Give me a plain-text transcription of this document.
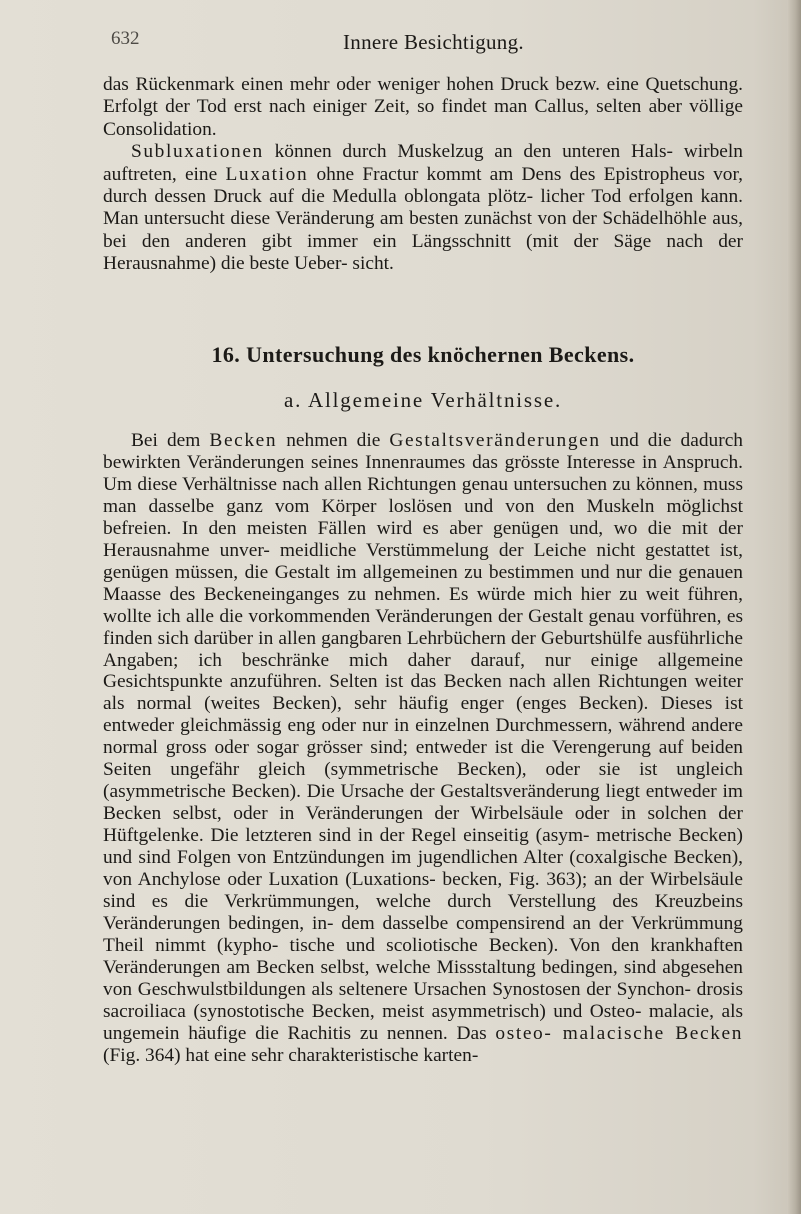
632	Innere Besichtigung.

das Rückenmark einen mehr oder weniger hohen Druck bezw. eine Quetschung. Erfolgt der Tod erst nach einiger Zeit, so findet man Callus, selten aber völlige Consolidation.

Subluxationen können durch Muskelzug an den unteren Hals- wirbeln auftreten, eine Luxation ohne Fractur kommt am Dens des Epistropheus vor, durch dessen Druck auf die Medulla oblongata plötz- licher Tod erfolgen kann. Man untersucht diese Veränderung am besten zunächst von der Schädelhöhle aus, bei den anderen gibt immer ein Längsschnitt (mit der Säge nach der Herausnahme) die beste Ueber- sicht.

16. Untersuchung des knöchernen Beckens.
a. Allgemeine Verhältnisse.

Bei dem Becken nehmen die Gestaltsveränderungen und die dadurch bewirkten Veränderungen seines Innenraumes das grösste Interesse in Anspruch. Um diese Verhältnisse nach allen Richtungen genau untersuchen zu können, muss man dasselbe ganz vom Körper loslösen und von den Muskeln möglichst befreien. In den meisten Fällen wird es aber genügen und, wo die mit der Herausnahme unver- meidliche Verstümmelung der Leiche nicht gestattet ist, genügen müssen, die Gestalt im allgemeinen zu bestimmen und nur die genauen Maasse des Beckeneinganges zu nehmen. Es würde mich hier zu weit führen, wollte ich alle die vorkommenden Veränderungen der Gestalt genau vorführen, es finden sich darüber in allen gangbaren Lehrbüchern der Geburtshülfe ausführliche Angaben; ich beschränke mich daher darauf, nur einige allgemeine Gesichtspunkte anzuführen. Selten ist das Becken nach allen Richtungen weiter als normal (weites Becken), sehr häufig enger (enges Becken). Dieses ist entweder gleichmässig eng oder nur in einzelnen Durchmessern, während andere normal gross oder sogar grösser sind; entweder ist die Verengerung auf beiden Seiten ungefähr gleich (symmetrische Becken), oder sie ist ungleich (asymmetrische Becken). Die Ursache der Gestaltsveränderung liegt entweder im Becken selbst, oder in Veränderungen der Wirbelsäule oder in solchen der Hüftgelenke. Die letzteren sind in der Regel einseitig (asym- metrische Becken) und sind Folgen von Entzündungen im jugendlichen Alter (coxalgische Becken), von Anchylose oder Luxation (Luxations- becken, Fig. 363); an der Wirbelsäule sind es die Verkrümmungen, welche durch Verstellung des Kreuzbeins Veränderungen bedingen, in- dem dasselbe compensirend an der Verkrümmung Theil nimmt (kypho- tische und scoliotische Becken). Von den krankhaften Veränderungen am Becken selbst, welche Missstaltung bedingen, sind abgesehen von Geschwulstbildungen als seltenere Ursachen Synostosen der Synchon- drosis sacroiliaca (synostotische Becken, meist asymmetrisch) und Osteo- malacie, als ungemein häufige die Rachitis zu nennen. Das osteo- malacische Becken (Fig. 364) hat eine sehr charakteristische karten-
